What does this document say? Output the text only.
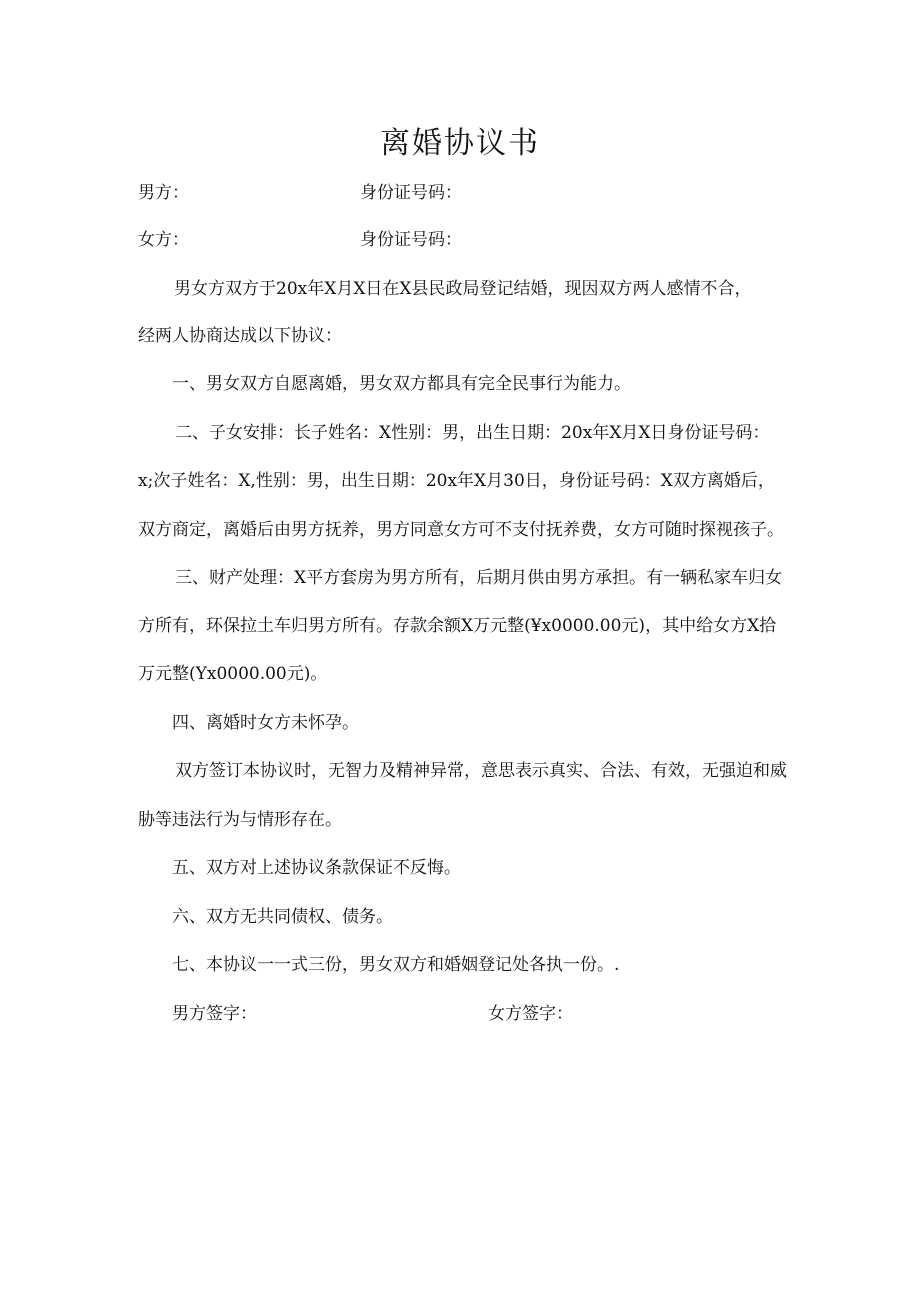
离婚协议书
男方：	身份证号码：
女方：	身份证号码：
男女方双方于20x年X月X日在X县民政局登记结婚，现因双方两人感情不合，
经两人协商达成以下协议：
一、男女双方自愿离婚，男女双方都具有完全民事行为能力。
二、子女安排：长子姓名：X性别：男，出生日期：20x年X月X日身份证号码：
x;次子姓名：X,性别：男，出生日期：20x年X月30日，身份证号码：X双方离婚后，
双方商定，离婚后由男方抚养，男方同意女方可不支付抚养费，女方可随时探视孩子。
三、财产处理：X平方套房为男方所有，后期月供由男方承担。有一辆私家车归女
方所有，环保拉土车归男方所有。存款余额X万元整(¥x0000.00元)，其中给女方X拾
万元整(Yx0000.00元)。
四、离婚时女方未怀孕。
双方签订本协议时，无智力及精神异常，意思表示真实、合法、有效，无强迫和威
胁等违法行为与情形存在。
五、双方对上述协议条款保证不反悔。
六、双方无共同债权、债务。
七、本协议一一式三份，男女双方和婚姻登记处各执一份。.
男方签字：	女方签字：
